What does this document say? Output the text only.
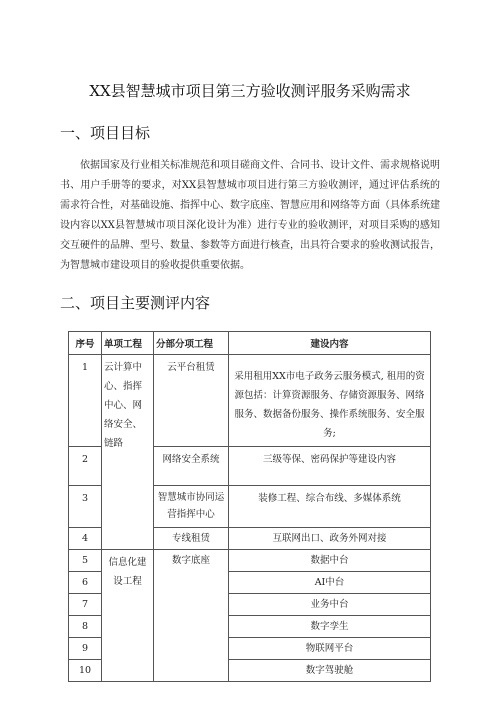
XX县智慧城市项目第三方验收测评服务采购需求
一、项目目标
依据国家及行业相关标准规范和项目磋商文件、合同书、设计文件、需求规格说明书、用户手册等的要求，对XX县智慧城市项目进行第三方验收测评，通过评估系统的需求符合性，对基础设施、指挥中心、数字底座、智慧应用和网络等方面（具体系统建设内容以XX县智慧城市项目深化设计为准）进行专业的验收测评，对项目采购的感知交互硬件的品牌、型号、数量、参数等方面进行核查，出具符合要求的验收测试报告，为智慧城市建设项目的验收提供重要依据。
二、项目主要测评内容
序号	单项工程	分部分项工程	建设内容

1	云计算中心、指挥中心、网络安全、链路	云平台租赁	采用租用XX市电子政务云服务模式, 租用的资源包括：计算资源服务、存储资源服务、网络服务、数据备份服务、操作系统服务、安全服务;

2		网络安全系统	三级等保、密码保护等建设内容

3		智慧城市协同运营指挥中心	装修工程、综合布线、多媒体系统

4		专线租赁	互联网出口、政务外网对接

5	信息化建设工程	数字底座	数据中台

6			AI中台

7			业务中台

8			数字孪生

9			物联网平台

10			数字驾驶舱
